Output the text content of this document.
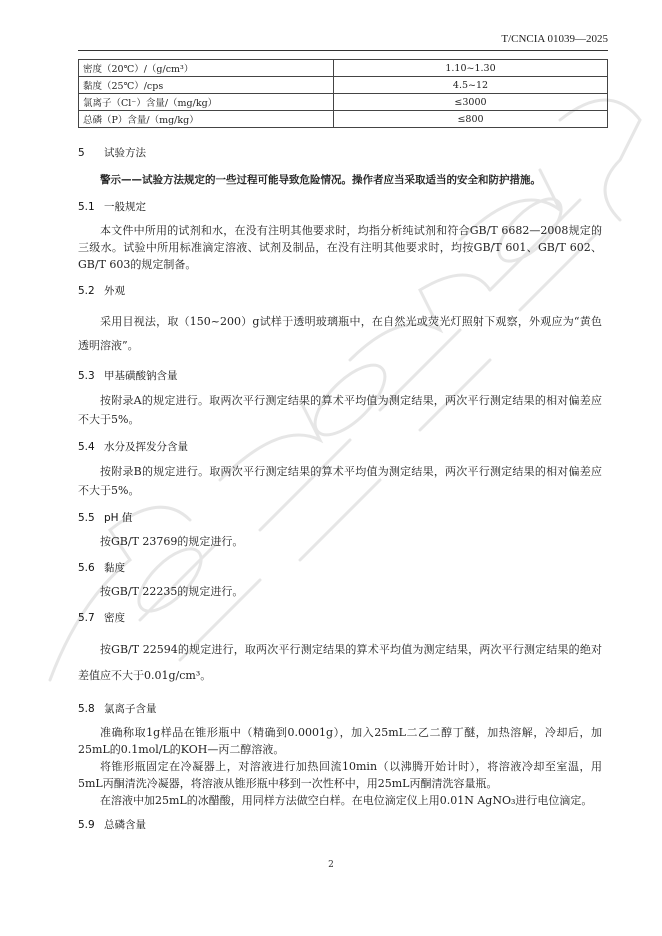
T/CNCIA 01039—2025
密度（20℃）/（g/cm³）	1.10~1.30
黏度（25℃）/cps	4.5~12
氯离子（Cl⁻）含量/（mg/kg）	≤3000
总磷（P）含量/（mg/kg）	≤800

5 试验方法

警示——试验方法规定的一些过程可能导致危险情况。操作者应当采取适当的安全和防护措施。

5.1 一般规定

本文件中所用的试剂和水，在没有注明其他要求时，均指分析纯试剂和符合GB/T 6682—2008规定的三级水。试验中所用标准滴定溶液、试剂及制品，在没有注明其他要求时，均按GB/T 601、GB/T 602、GB/T 603的规定制备。

5.2 外观

采用目视法，取（150~200）g试样于透明玻璃瓶中，在自然光或荧光灯照射下观察，外观应为“黄色透明溶液”。

5.3 甲基磺酸钠含量

按附录A的规定进行。取两次平行测定结果的算术平均值为测定结果，两次平行测定结果的相对偏差应不大于5%。

5.4 水分及挥发分含量

按附录B的规定进行。取两次平行测定结果的算术平均值为测定结果，两次平行测定结果的相对偏差应不大于5%。

5.5 pH 值

按GB/T 23769的规定进行。

5.6 黏度

按GB/T 22235的规定进行。

5.7 密度

按GB/T 22594的规定进行，取两次平行测定结果的算术平均值为测定结果，两次平行测定结果的绝对差值应不大于0.01g/cm³。

5.8 氯离子含量

准确称取1g样品在锥形瓶中（精确到0.0001g），加入25mL二乙二醇丁醚，加热溶解，冷却后，加25mL的0.1mol/L的KOH—丙二醇溶液。

将锥形瓶固定在冷凝器上，对溶液进行加热回流10min（以沸腾开始计时），将溶液冷却至室温，用5mL丙酮清洗冷凝器，将溶液从锥形瓶中移到一次性杯中，用25mL丙酮清洗容量瓶。

在溶液中加25mL的冰醋酸，用同样方法做空白样。在电位滴定仪上用0.01N AgNO₃进行电位滴定。

5.9 总磷含量

2
